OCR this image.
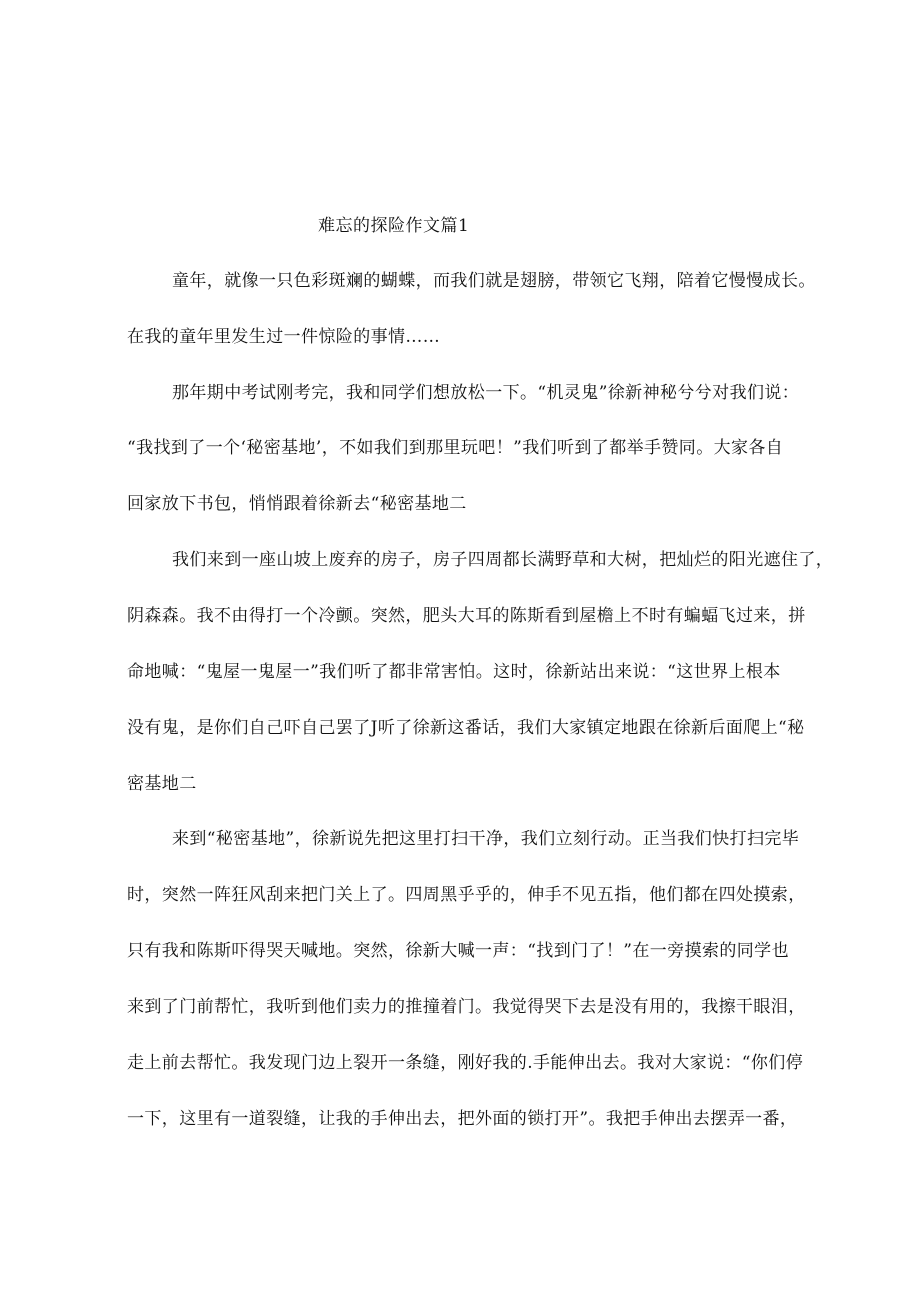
难忘的探险作文篇1
童年，就像一只色彩斑斓的蝴蝶，而我们就是翅膀，带领它飞翔，陪着它慢慢成长。
在我的童年里发生过一件惊险的事情……
那年期中考试刚考完，我和同学们想放松一下。“机灵鬼”徐新神秘兮兮对我们说：
“我找到了一个‘秘密基地’，不如我们到那里玩吧！”我们听到了都举手赞同。大家各自
回家放下书包，悄悄跟着徐新去“秘密基地二
我们来到一座山坡上废弃的房子，房子四周都长满野草和大树，把灿烂的阳光遮住了，
阴森森。我不由得打一个冷颤。突然，肥头大耳的陈斯看到屋檐上不时有蝙蝠飞过来，拼
命地喊：“鬼屋一鬼屋一”我们听了都非常害怕。这时，徐新站出来说：“这世界上根本
没有鬼，是你们自己吓自己罢了J听了徐新这番话，我们大家镇定地跟在徐新后面爬上“秘
密基地二
来到“秘密基地”，徐新说先把这里打扫干净，我们立刻行动。正当我们快打扫完毕
时，突然一阵狂风刮来把门关上了。四周黑乎乎的，伸手不见五指，他们都在四处摸索，
只有我和陈斯吓得哭天喊地。突然，徐新大喊一声：“找到门了！”在一旁摸索的同学也
来到了门前帮忙，我听到他们卖力的推撞着门。我觉得哭下去是没有用的，我擦干眼泪，
走上前去帮忙。我发现门边上裂开一条缝，刚好我的.手能伸出去。我对大家说：“你们停
一下，这里有一道裂缝，让我的手伸出去，把外面的锁打开”。我把手伸出去摆弄一番，
